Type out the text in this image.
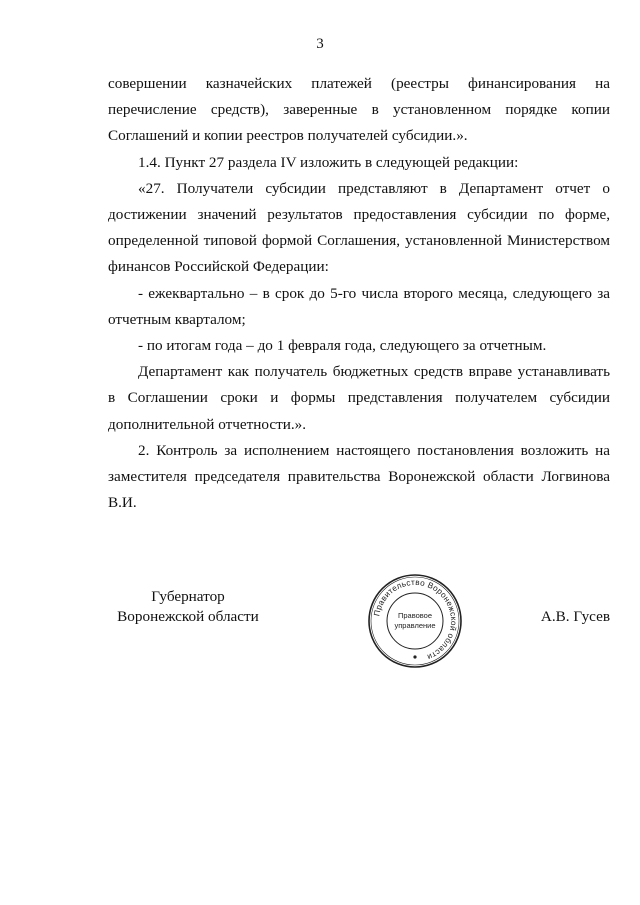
3

совершении казначейских платежей (реестры финансирования на перечисление средств), заверенные в установленном порядке копии Соглашений и копии реестров получателей субсидии.».

1.4. Пункт 27 раздела IV изложить в следующей редакции:

«27. Получатели субсидии представляют в Департамент отчет о достижении значений результатов предоставления субсидии по форме, определенной типовой формой Соглашения, установленной Министерством финансов Российской Федерации:

- ежеквартально – в срок до 5-го числа второго месяца, следующего за отчетным кварталом;

- по итогам года – до 1 февраля года, следующего за отчетным.

Департамент как получатель бюджетных средств вправе устанавливать в Соглашении сроки и формы представления получателем субсидии дополнительной отчетности.».

2. Контроль за исполнением настоящего постановления возложить на заместителя председателя правительства Воронежской области Логвинова В.И.

Губернатор
Воронежской области	А.В. Гусев
Правительство Воронежской области
Правовое
управление
